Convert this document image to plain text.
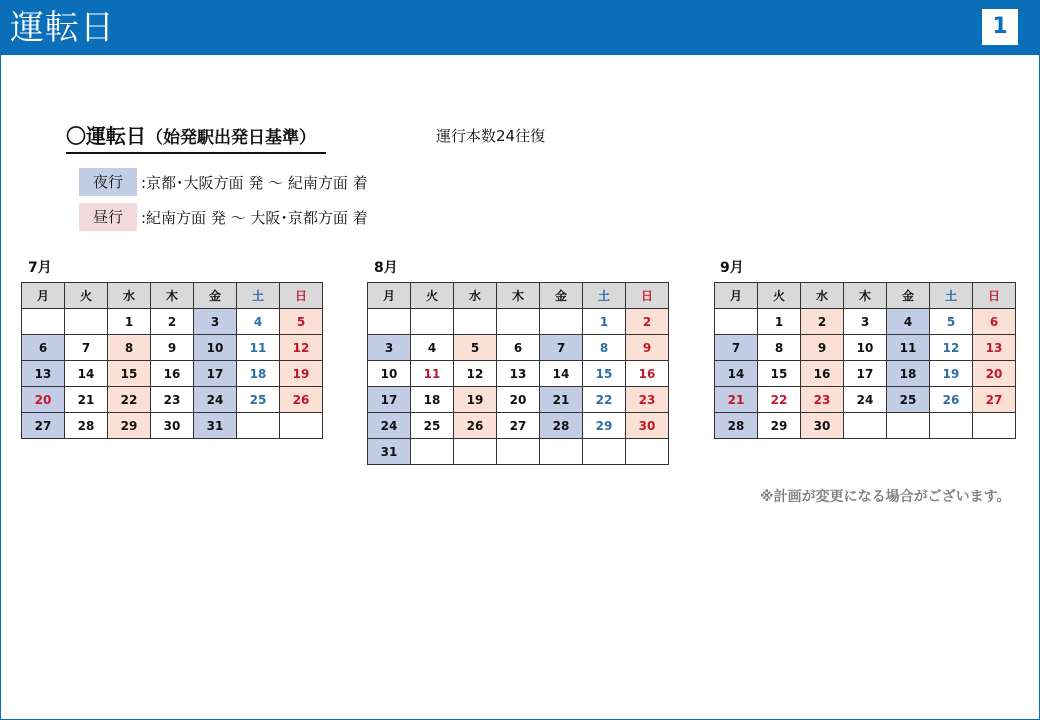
運転日	1
〇運転日（始発駅出発日基準）	運行本数24往復
夜行	:京都･大阪方面 発 ～ 紀南方面 着
昼行	:紀南方面 発 ～ 大阪･京都方面 着
7月
月	火	水	木	金	土	日
		1	2	3	4	5
6	7	8	9	10	11	12
13	14	15	16	17	18	19
20	21	22	23	24	25	26
27	28	29	30	31		
8月
月	火	水	木	金	土	日
					1	2
3	4	5	6	7	8	9
10	11	12	13	14	15	16
17	18	19	20	21	22	23
24	25	26	27	28	29	30
31						
9月
月	火	水	木	金	土	日
	1	2	3	4	5	6
7	8	9	10	11	12	13
14	15	16	17	18	19	20
21	22	23	24	25	26	27
28	29	30				
※計画が変更になる場合がございます。
